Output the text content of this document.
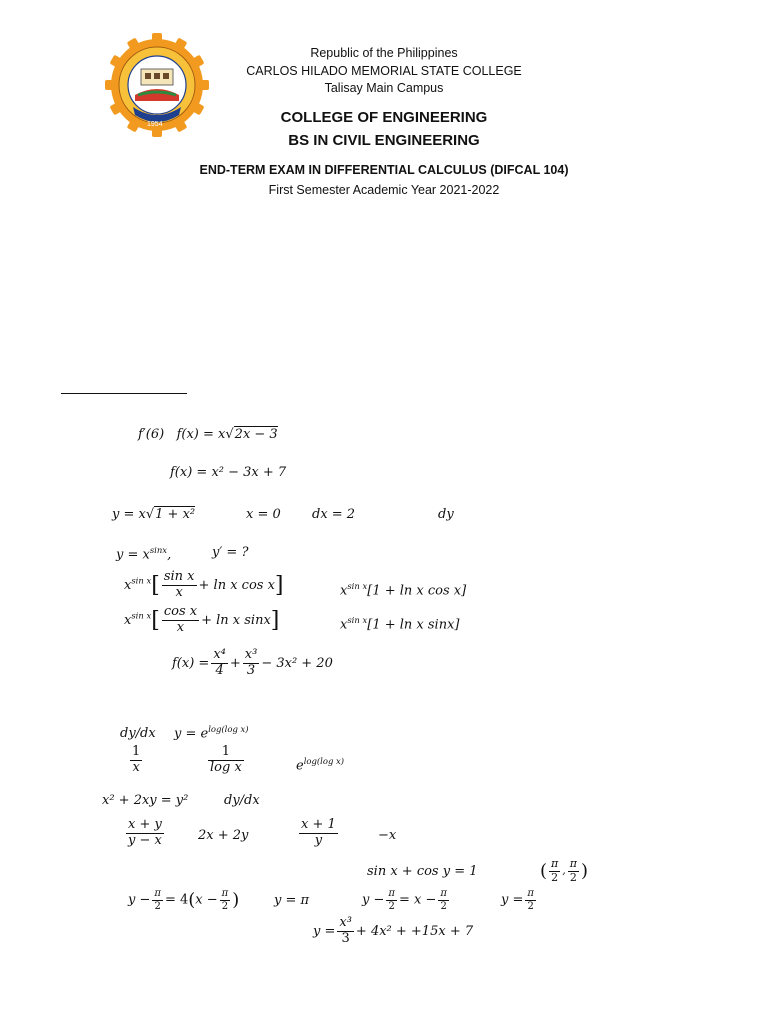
1954
Republic of the Philippines
CARLOS HILADO MEMORIAL STATE COLLEGE
Talisay Main Campus
COLLEGE OF ENGINEERING
BS IN CIVIL ENGINEERING
END-TERM EXAM IN DIFFERENTIAL CALCULUS (DIFCAL 104)
First Semester Academic Year 2021-2022
f′(6) f(x) = x√2x − 3
f(x) = x² − 3x + 7
y = x√1 + x²	x = 0 dx = 2	dy
$y = x^{sinx}$,	y′ = ?
$x^{sin x}[ \frac{\text{sin x}}{x} + \ln x$ cos x]	$x^{sin x}[1 + \ln x$ cos x]
$x^{sin x}[ \frac{\text{cos x}}{x} + \ln x$ sinx]	$x^{sin x}[1 + \ln x$ sinx]
$f(x) = \frac{\text{x⁴}}{4} + \frac{\text{x³}}{3} - 3x^2 + 20$
dy/dx $y = e^{log(log x)}$
$\frac{1}{x}$	$\frac{1}{\text{log x}}$	$e^{log(log x)}$
x² + 2xy = y²	dy/dx
$\frac{x + y}{y - x}$	2x + 2y	$\frac{x + 1}{y}$	−x
sin x + cos y = 1	( $\frac{\pi}{2}$ , $\frac{\pi}{2}$ )
$y - \frac{\pi}{2} = 4(x - \frac{\pi}{2}$ )	y = π	$y - \frac{\pi}{2} = x - \frac{\pi}{2}$	$y = \frac{\pi}{2}$
$y = \frac{\text{x³}}{3} + 4x^2 + +15x + 7$
